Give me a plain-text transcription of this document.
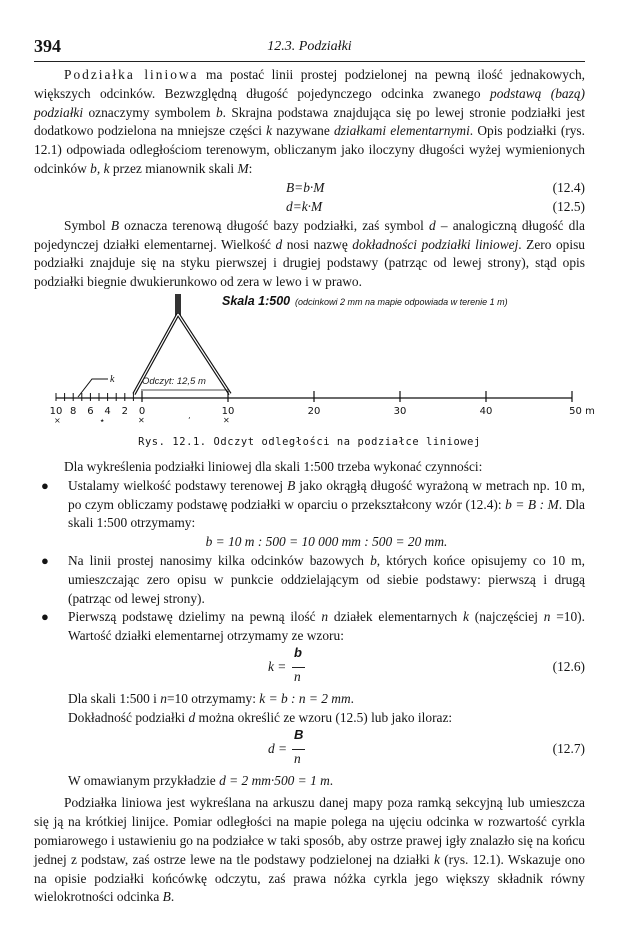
394	12.3. Podziałki

Podziałka liniowa ma postać linii prostej podzielonej na pewną ilość jednakowych, większych odcinków. Bezwzględną długość pojedynczego odcinka zwanego podstawą (bazą) podziałki oznaczymy symbolem b. Skrajna podstawa znajdująca się po lewej stronie podziałki jest dodatkowo podzielona na mniejsze części k nazywane działkami elementarnymi. Opis podziałki (rys. 12.1) odpowiada odległościom terenowym, obliczanym jako iloczyny długości wyżej wymienionych odcinków b, k przez mianownik skali M:

B=b·M	(12.4)
d=k·M	(12.5)

Symbol B oznacza terenową długość bazy podziałki, zaś symbol d – analogiczną długość dla pojedynczej działki elementarnej. Wielkość d nosi nazwę dokładności podziałki liniowej. Zero opisu podziałki znajduje się na styku pierwszej i drugiej podstawy (patrząc od lewej strony), stąd opis podziałki biegnie dwukierunkowo od zera w lewo i w prawo.

Skala 1:500 (odcinkowi 2 mm na mapie odpowiada w terenie 1 m)
k	Odczyt: 12,5 m
10 8 6 4 2 0	10	20	30	40	50 m
×	٭	✕	ʼ	✕
Rys. 12.1. Odczyt odległości na podziałce liniowej

Dla wykreślenia podziałki liniowej dla skali 1:500 trzeba wykonać czynności:

● Ustalamy wielkość podstawy terenowej B jako okrągłą długość wyrażoną w metrach np. 10 m, po czym obliczamy podstawę podziałki w oparciu o przekształcony wzór (12.4): b = B : M. Dla skali 1:500 otrzymamy:
b = 10 m : 500 = 10 000 mm : 500 = 20 mm.
● Na linii prostej nanosimy kilka odcinków bazowych b, których końce opisujemy co 10 m, umieszczając zero opisu w punkcie oddzielającym od siebie podstawy: pierwszą i drugą (patrząc od lewej strony).
● Pierwszą podstawę dzielimy na pewną ilość n działek elementarnych k (najczęściej n =10). Wartość działki elementarnej otrzymamy ze wzoru:
k =
b
n
(12.6)

Dla skali 1:500 i n=10 otrzymamy: k = b : n = 2 mm.

Dokładność podziałki d można określić ze wzoru (12.5) lub jako iloraz:

d =
B
n
(12.7)

W omawianym przykładzie d = 2 mm·500 = 1 m.

Podziałka liniowa jest wykreślana na arkuszu danej mapy poza ramką sekcyjną lub umieszcza się ją na krótkiej linijce. Pomiar odległości na mapie polega na ujęciu odcinka w rozwartość cyrkla pomiarowego i ustawieniu go na podziałce w taki sposób, aby ostrze prawej igły znalazło się na końcu jednej z podstaw, zaś ostrze lewe na tle podstawy podzielonej na działki k (rys. 12.1). Wskazuje ono na opisie podziałki końcówkę odczytu, zaś prawa nóżka cyrkla jego większy składnik równy wielokrotności odcinka B.
